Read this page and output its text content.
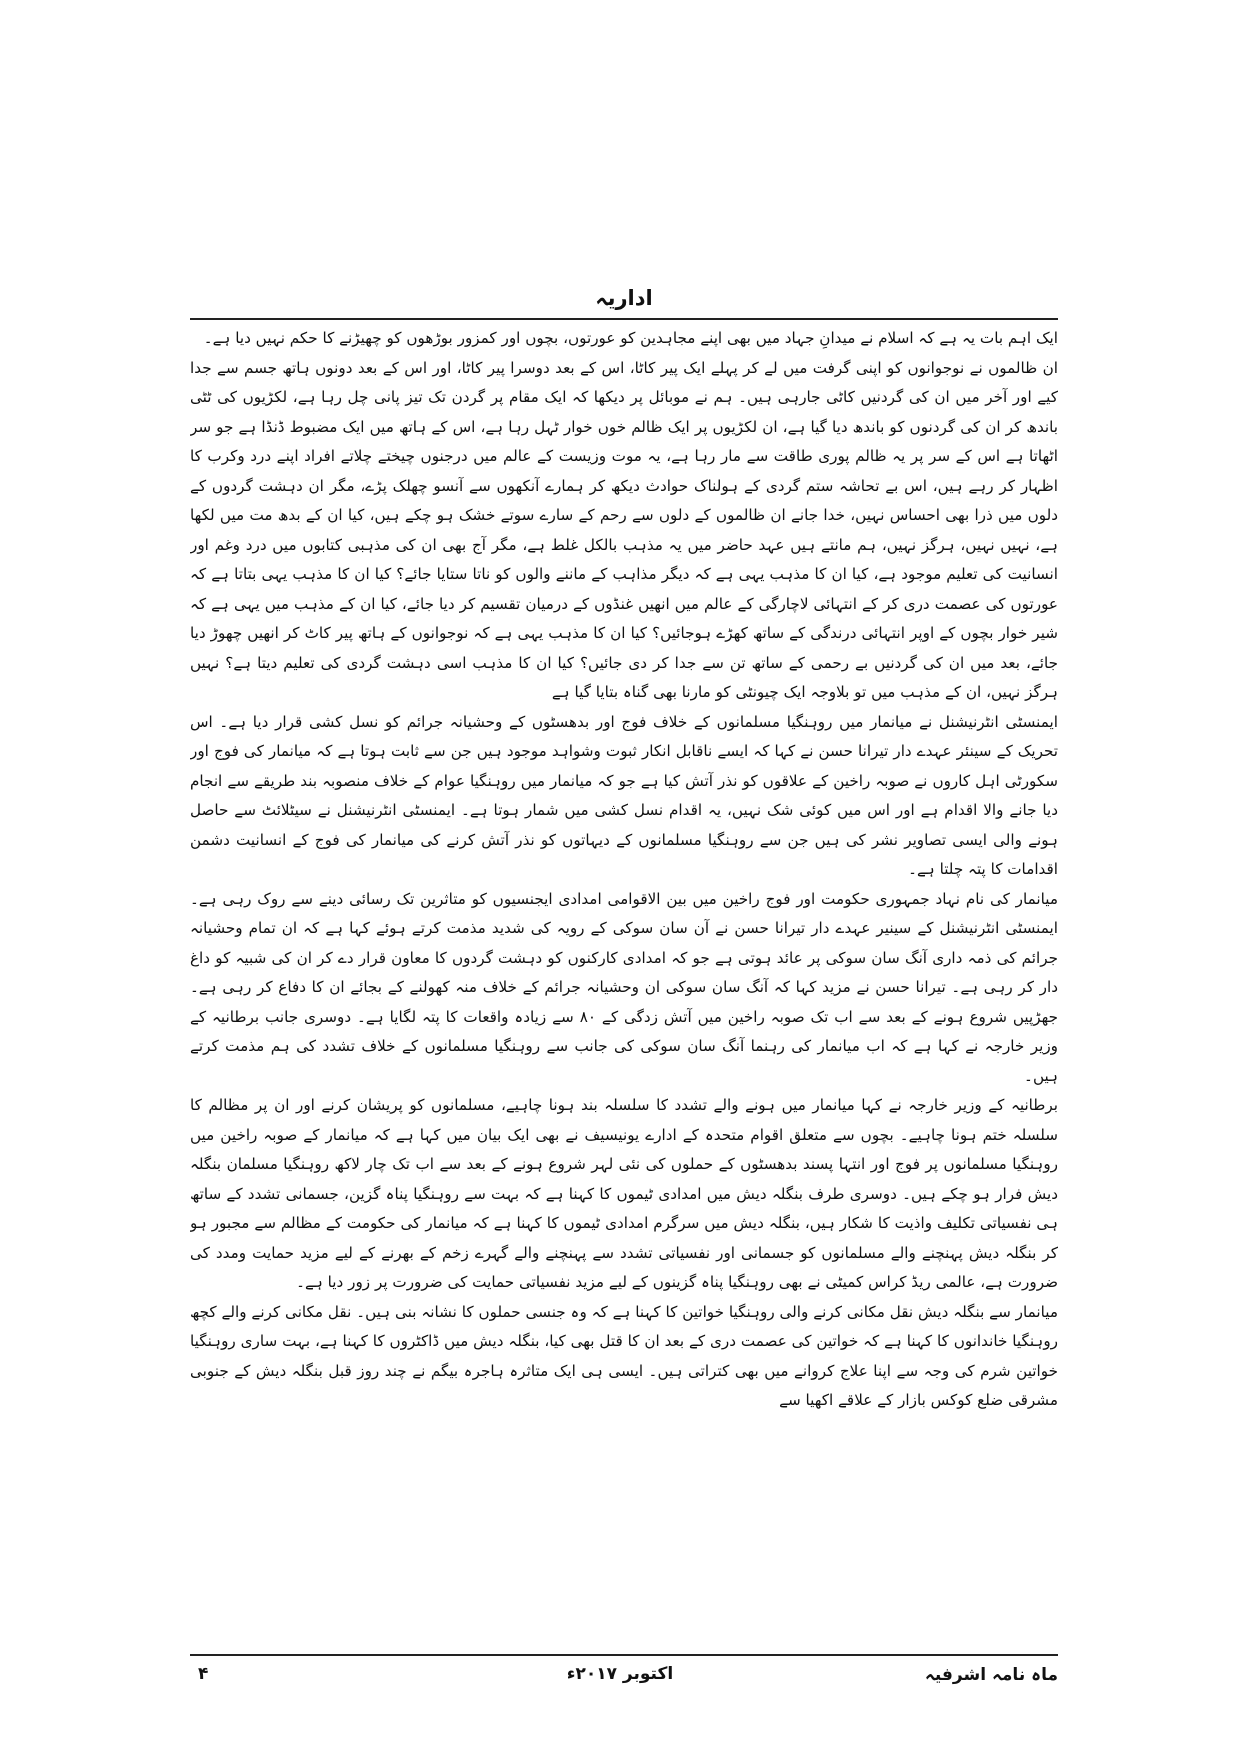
اداریہ

ایک اہم بات یہ ہے کہ اسلام نے میدانِ جہاد میں بھی اپنے مجاہدین کو عورتوں، بچوں اور کمزور بوڑھوں کو چھیڑنے کا حکم نہیں دیا ہے۔

ان ظالموں نے نوجوانوں کو اپنی گرفت میں لے کر پہلے ایک پیر کاٹا، اس کے بعد دوسرا پیر کاٹا، اور اس کے بعد دونوں ہاتھ جسم سے جدا کیے اور آخر میں ان کی گردنیں کاٹی جارہی ہیں۔ ہم نے موبائل پر دیکھا کہ ایک مقام پر گردن تک تیز پانی چل رہا ہے، لکڑیوں کی ٹٹی باندھ کر ان کی گردنوں کو باندھ دیا گیا ہے، ان لکڑیوں پر ایک ظالم خوں خوار ٹہل رہا ہے، اس کے ہاتھ میں ایک مضبوط ڈنڈا ہے جو سر اٹھاتا ہے اس کے سر پر یہ ظالم پوری طاقت سے مار رہا ہے، یہ موت وزیست کے عالم میں درجنوں چیختے چلاتے افراد اپنے درد وکرب کا اظہار کر رہے ہیں، اس بے تحاشہ ستم گردی کے ہولناک حوادث دیکھ کر ہمارے آنکھوں سے آنسو چھلک پڑے، مگر ان دہشت گردوں کے دلوں میں ذرا بھی احساس نہیں، خدا جانے ان ظالموں کے دلوں سے رحم کے سارے سوتے خشک ہو چکے ہیں، کیا ان کے بدھ مت میں لکھا ہے، نہیں نہیں، ہرگز نہیں، ہم مانتے ہیں عہد حاضر میں یہ مذہب بالکل غلط ہے، مگر آج بھی ان کی مذہبی کتابوں میں درد وغم اور انسانیت کی تعلیم موجود ہے، کیا ان کا مذہب یہی ہے کہ دیگر مذاہب کے ماننے والوں کو ناتا ستایا جائے؟ کیا ان کا مذہب یہی بتاتا ہے کہ عورتوں کی عصمت دری کر کے انتہائی لاچارگی کے عالم میں انھیں غنڈوں کے درمیان تقسیم کر دیا جائے، کیا ان کے مذہب میں یہی ہے کہ شیر خوار بچوں کے اوپر انتہائی درندگی کے ساتھ کھڑے ہوجائیں؟ کیا ان کا مذہب یہی ہے کہ نوجوانوں کے ہاتھ پیر کاٹ کر انھیں چھوڑ دیا جائے، بعد میں ان کی گردنیں بے رحمی کے ساتھ تن سے جدا کر دی جائیں؟ کیا ان کا مذہب اسی دہشت گردی کی تعلیم دیتا ہے؟ نہیں ہرگز نہیں، ان کے مذہب میں تو بلاوجہ ایک چیونٹی کو مارنا بھی گناہ بتایا گیا ہے

ایمنسٹی انٹرنیشنل نے میانمار میں روہنگیا مسلمانوں کے خلاف فوج اور بدھسٹوں کے وحشیانہ جرائم کو نسل کشی قرار دیا ہے۔ اس تحریک کے سینئر عہدے دار تیرانا حسن نے کہا کہ ایسے ناقابل انکار ثبوت وشواہد موجود ہیں جن سے ثابت ہوتا ہے کہ میانمار کی فوج اور سکورٹی اہل کاروں نے صوبہ راخین کے علاقوں کو نذر آتش کیا ہے جو کہ میانمار میں روہنگیا عوام کے خلاف منصوبہ بند طریقے سے انجام دیا جانے والا اقدام ہے اور اس میں کوئی شک نہیں، یہ اقدام نسل کشی میں شمار ہوتا ہے۔ ایمنسٹی انٹرنیشنل نے سیٹلائٹ سے حاصل ہونے والی ایسی تصاویر نشر کی ہیں جن سے روہنگیا مسلمانوں کے دیہاتوں کو نذر آتش کرنے کی میانمار کی فوج کے انسانیت دشمن اقدامات کا پتہ چلتا ہے۔

میانمار کی نام نہاد جمہوری حکومت اور فوج راخین میں بین الاقوامی امدادی ایجنسیوں کو متاثرین تک رسائی دینے سے روک رہی ہے۔ ایمنسٹی انٹرنیشنل کے سینیر عہدے دار تیرانا حسن نے آن سان سوکی کے رویہ کی شدید مذمت کرتے ہوئے کہا ہے کہ ان تمام وحشیانہ جرائم کی ذمہ داری آنگ سان سوکی پر عائد ہوتی ہے جو کہ امدادی کارکنوں کو دہشت گردوں کا معاون قرار دے کر ان کی شبیہ کو داغ دار کر رہی ہے۔ تیرانا حسن نے مزید کہا کہ آنگ سان سوکی ان وحشیانہ جرائم کے خلاف منہ کھولنے کے بجائے ان کا دفاع کر رہی ہے۔ جھڑپیں شروع ہونے کے بعد سے اب تک صوبہ راخین میں آتش زدگی کے ۸۰ سے زیادہ واقعات کا پتہ لگایا ہے۔ دوسری جانب برطانیہ کے وزیر خارجہ نے کہا ہے کہ اب میانمار کی رہنما آنگ سان سوکی کی جانب سے روہنگیا مسلمانوں کے خلاف تشدد کی ہم مذمت کرتے ہیں۔

برطانیہ کے وزیر خارجہ نے کہا میانمار میں ہونے والے تشدد کا سلسلہ بند ہونا چاہیے، مسلمانوں کو پریشان کرنے اور ان پر مظالم کا سلسلہ ختم ہونا چاہیے۔ بچوں سے متعلق اقوام متحدہ کے ادارے یونیسیف نے بھی ایک بیان میں کہا ہے کہ میانمار کے صوبہ راخین میں روہنگیا مسلمانوں پر فوج اور انتہا پسند بدھسٹوں کے حملوں کی نئی لہر شروع ہونے کے بعد سے اب تک چار لاکھ روہنگیا مسلمان بنگلہ دیش فرار ہو چکے ہیں۔ دوسری طرف بنگلہ دیش میں امدادی ٹیموں کا کہنا ہے کہ بہت سے روہنگیا پناہ گزین، جسمانی تشدد کے ساتھ ہی نفسیاتی تکلیف واذیت کا شکار ہیں، بنگلہ دیش میں سرگرم امدادی ٹیموں کا کہنا ہے کہ میانمار کی حکومت کے مظالم سے مجبور ہو کر بنگلہ دیش پہنچنے والے مسلمانوں کو جسمانی اور نفسیاتی تشدد سے پہنچنے والے گہرے زخم کے بھرنے کے لیے مزید حمایت ومدد کی ضرورت ہے، عالمی ریڈ کراس کمیٹی نے بھی روہنگیا پناہ گزینوں کے لیے مزید نفسیاتی حمایت کی ضرورت پر زور دیا ہے۔

میانمار سے بنگلہ دیش نقل مکانی کرنے والی روہنگیا خواتین کا کہنا ہے کہ وہ جنسی حملوں کا نشانہ بنی ہیں۔ نقل مکانی کرنے والے کچھ روہنگیا خاندانوں کا کہنا ہے کہ خواتین کی عصمت دری کے بعد ان کا قتل بھی کیا، بنگلہ دیش میں ڈاکٹروں کا کہنا ہے، بہت ساری روہنگیا خواتین شرم کی وجہ سے اپنا علاج کروانے میں بھی کتراتی ہیں۔ ایسی ہی ایک متاثرہ ہاجرہ بیگم نے چند روز قبل بنگلہ دیش کے جنوبی مشرقی ضلع کوکس بازار کے علاقے اکھیا سے

ماہ نامہ اشرفیہ
اکتوبر ۲۰۱۷ء
۴
